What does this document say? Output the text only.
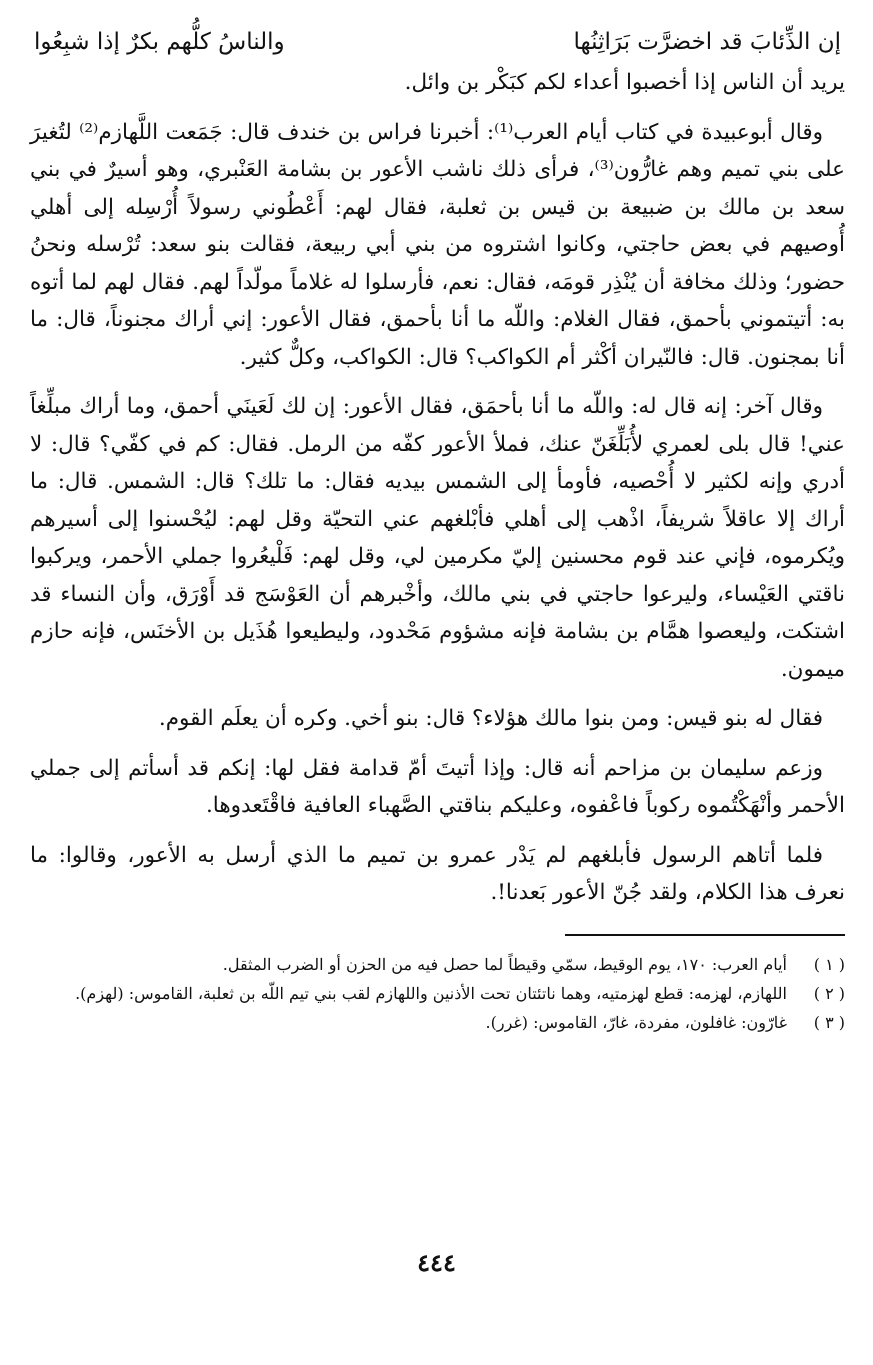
إن الذِّئابَ قد اخضرَّت بَرَاثِنُها
والناسُ كلُّهم بكرٌ إذا شبِعُوا

يريد أن الناس إذا أخصبوا أعداء لكم كبَكْر بن وائل.

وقال أبوعبيدة في كتاب أيام العرب⁽¹⁾: أخبرنا فراس بن خندف قال: جَمَعت اللَّهازم⁽²⁾ لتُغيرَ على بني تميم وهم غارُّون⁽³⁾، فرأى ذلك ناشب الأعور بن بشامة العَنْبري، وهو أسيرٌ في بني سعد بن مالك بن ضبيعة بن قيس بن ثعلبة، فقال لهم: أَعْطُوني رسولاً أُرْسِله إلى أهلي أُوصيهم في بعض حاجتي، وكانوا اشتروه من بني أبي ربيعة، فقالت بنو سعد: تُرْسله ونحنُ حضور؛ وذلك مخافة أن يُنْذِر قومَه، فقال: نعم، فأرسلوا له غلاماً مولّداً لهم. فقال لهم لما أتوه به: أتيتموني بأحمق، فقال الغلام: واللّه ما أنا بأحمق، فقال الأعور: إني أراك مجنوناً، قال: ما أنا بمجنون. قال: فالنّيران أكْثر أم الكواكب؟ قال: الكواكب، وكلٌّ كثير.

وقال آخر: إنه قال له: واللّه ما أنا بأحمَق، فقال الأعور: إن لك لَعَينَي أحمق، وما أراك مبلِّغاً عني! قال بلى لعمري لأُبَلِّغَنّ عنك، فملأ الأعور كفّه من الرمل. فقال: كم في كفّي؟ قال: لا أدري وإنه لكثير لا أُحْصيه، فأومأ إلى الشمس بيديه فقال: ما تلك؟ قال: الشمس. قال: ما أراك إلا عاقلاً شريفاً، اذْهب إلى أهلي فأبْلغهم عني التحيّة وقل لهم: ليُحْسنوا إلى أسيرهم ويُكرموه، فإني عند قوم محسنين إليّ مكرمين لي، وقل لهم: فَلْيعُروا جملي الأحمر، ويركبوا ناقتي العَيْساء، وليرعوا حاجتي في بني مالك، وأخْبرهم أن العَوْسَج قد أَوْرَق، وأن النساء قد اشتكت، وليعصوا همَّام بن بشامة فإنه مشؤوم مَحْدود، وليطيعوا هُذَيل بن الأخنَس، فإنه حازم ميمون.

فقال له بنو قيس: ومن بنوا مالك هؤلاء؟ قال: بنو أخي. وكره أن يعلَم القوم.

وزعم سليمان بن مزاحم أنه قال: وإذا أتيتَ أمّ قدامة فقل لها: إنكم قد أسأتم إلى جملي الأحمر وأنْهَكْتُموه ركوباً فاعْفوه، وعليكم بناقتي الصَّهباء العافية فاقْتَعدوها.

فلما أتاهم الرسول فأبلغهم لم يَدْر عمرو بن تميم ما الذي أرسل به الأعور، وقالوا: ما نعرف هذا الكلام، ولقد جُنّ الأعور بَعدنا!.

( ١ )
أيام العرب: ١٧٠، يوم الوقيط، سمّي وقيطاً لما حصل فيه من الحزن أو الضرب المثقل.
( ٢ )
اللهازم، لهزمه: قطع لهزمتيه، وهما ناتئتان تحت الأذنين واللهازم لقب بني تيم اللّه بن ثعلبة، القاموس: (لهزم).
( ٣ )
غارّون: غافلون، مفردة، غارّ، القاموس: (غرر).
٤٤٤
